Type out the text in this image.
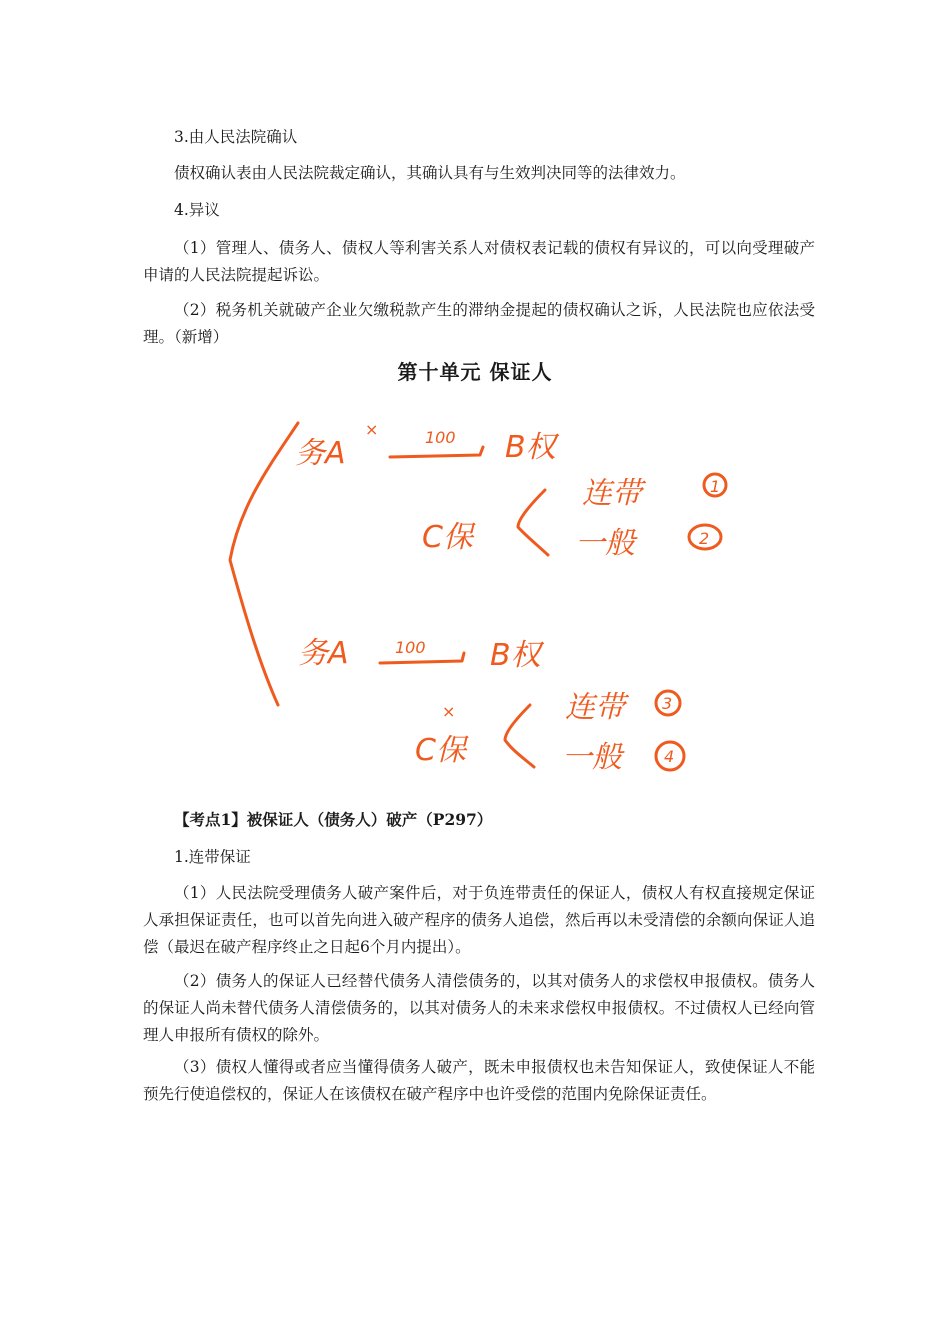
3.由人民法院确认

债权确认表由人民法院裁定确认，其确认具有与生效判决同等的法律效力。

4.异议

（1）管理人、债务人、债权人等利害关系人对债权表记载的债权有异议的，可以向受理破产申请的人民法院提起诉讼。

（2）税务机关就破产企业欠缴税款产生的滞纳金提起的债权确认之诉，人民法院也应依法受理。（新增）

第十单元 保证人
务A
×	100 B权
C保
连带
一般
1
2
务A
×
100 B权
C保
连带
一般
3
4
【考点1】被保证人（债务人）破产（P297）

1.连带保证

（1）人民法院受理债务人破产案件后，对于负连带责任的保证人，债权人有权直接规定保证人承担保证责任，也可以首先向进入破产程序的债务人追偿，然后再以未受清偿的余额向保证人追偿（最迟在破产程序终止之日起6个月内提出）。

（2）债务人的保证人已经替代债务人清偿债务的，以其对债务人的求偿权申报债权。债务人的保证人尚未替代债务人清偿债务的，以其对债务人的未来求偿权申报债权。不过债权人已经向管理人申报所有债权的除外。

（3）债权人懂得或者应当懂得债务人破产，既未申报债权也未告知保证人，致使保证人不能预先行使追偿权的，保证人在该债权在破产程序中也许受偿的范围内免除保证责任。
